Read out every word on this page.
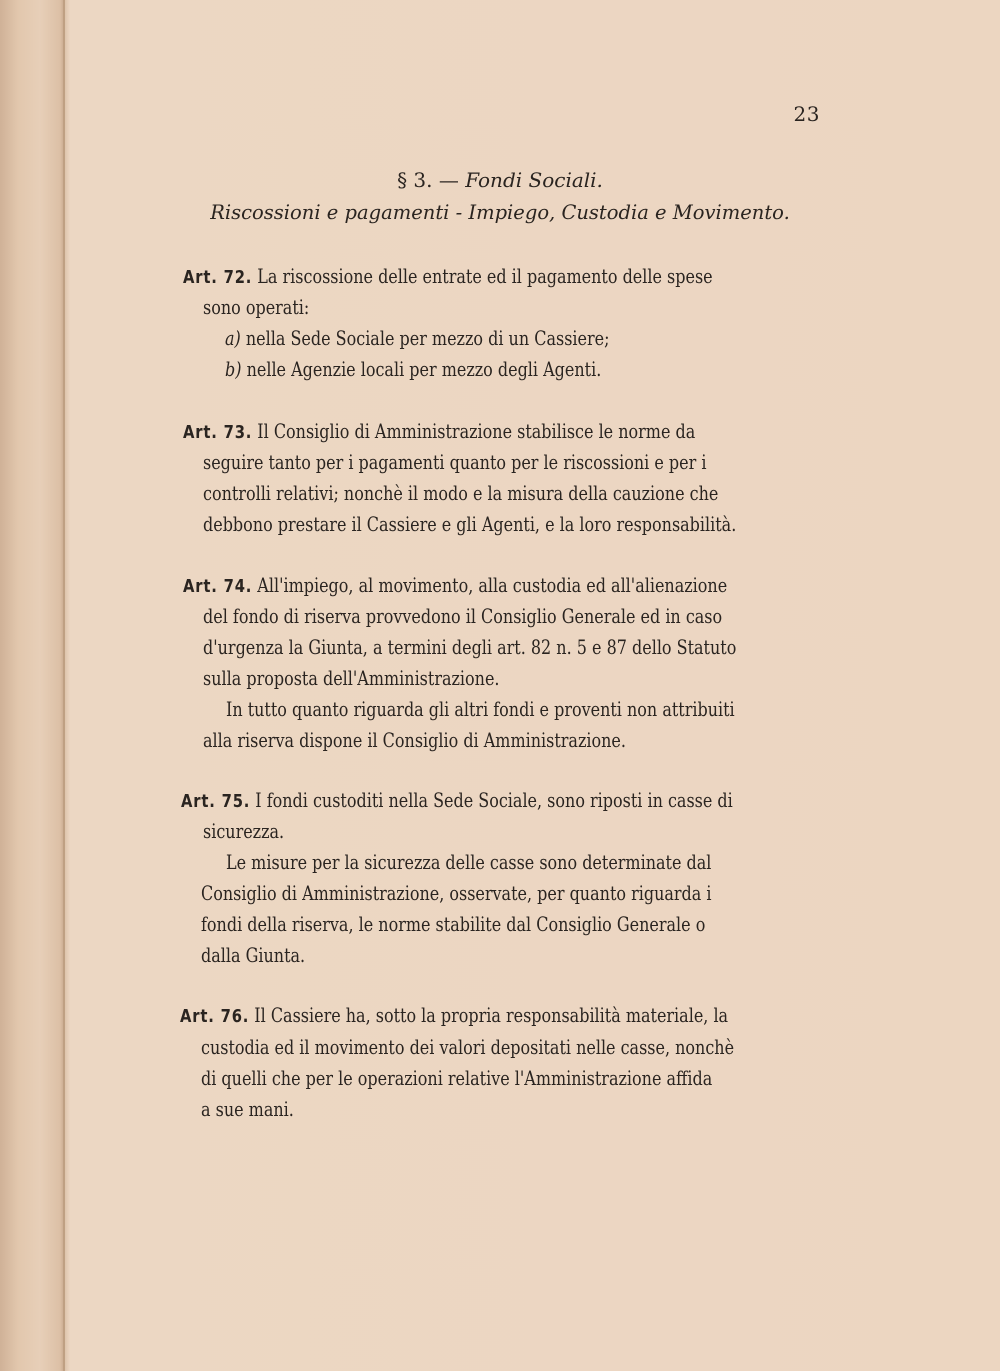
23
§ 3. — Fondi Sociali.
Riscossioni e pagamenti - Impiego, Custodia e Movimento.
Art. 72. La riscossione delle entrate ed il pagamento delle spese
sono operati:
a) nella Sede Sociale per mezzo di un Cassiere;
b) nelle Agenzie locali per mezzo degli Agenti.
Art. 73. Il Consiglio di Amministrazione stabilisce le norme da
seguire tanto per i pagamenti quanto per le riscossioni e per i
controlli relativi; nonchè il modo e la misura della cauzione che
debbono prestare il Cassiere e gli Agenti, e la loro responsabilità.
Art. 74. All'impiego, al movimento, alla custodia ed all'alienazione
del fondo di riserva provvedono il Consiglio Generale ed in caso
d'urgenza la Giunta, a termini degli art. 82 n. 5 e 87 dello Statuto
sulla proposta dell'Amministrazione.
In tutto quanto riguarda gli altri fondi e proventi non attribuiti
alla riserva dispone il Consiglio di Amministrazione.
Art. 75. I fondi custoditi nella Sede Sociale, sono riposti in casse di
sicurezza.
Le misure per la sicurezza delle casse sono determinate dal
Consiglio di Amministrazione, osservate, per quanto riguarda i
fondi della riserva, le norme stabilite dal Consiglio Generale o
dalla Giunta.
Art. 76. Il Cassiere ha, sotto la propria responsabilità materiale, la
custodia ed il movimento dei valori depositati nelle casse, nonchè
di quelli che per le operazioni relative l'Amministrazione affida
a sue mani.
